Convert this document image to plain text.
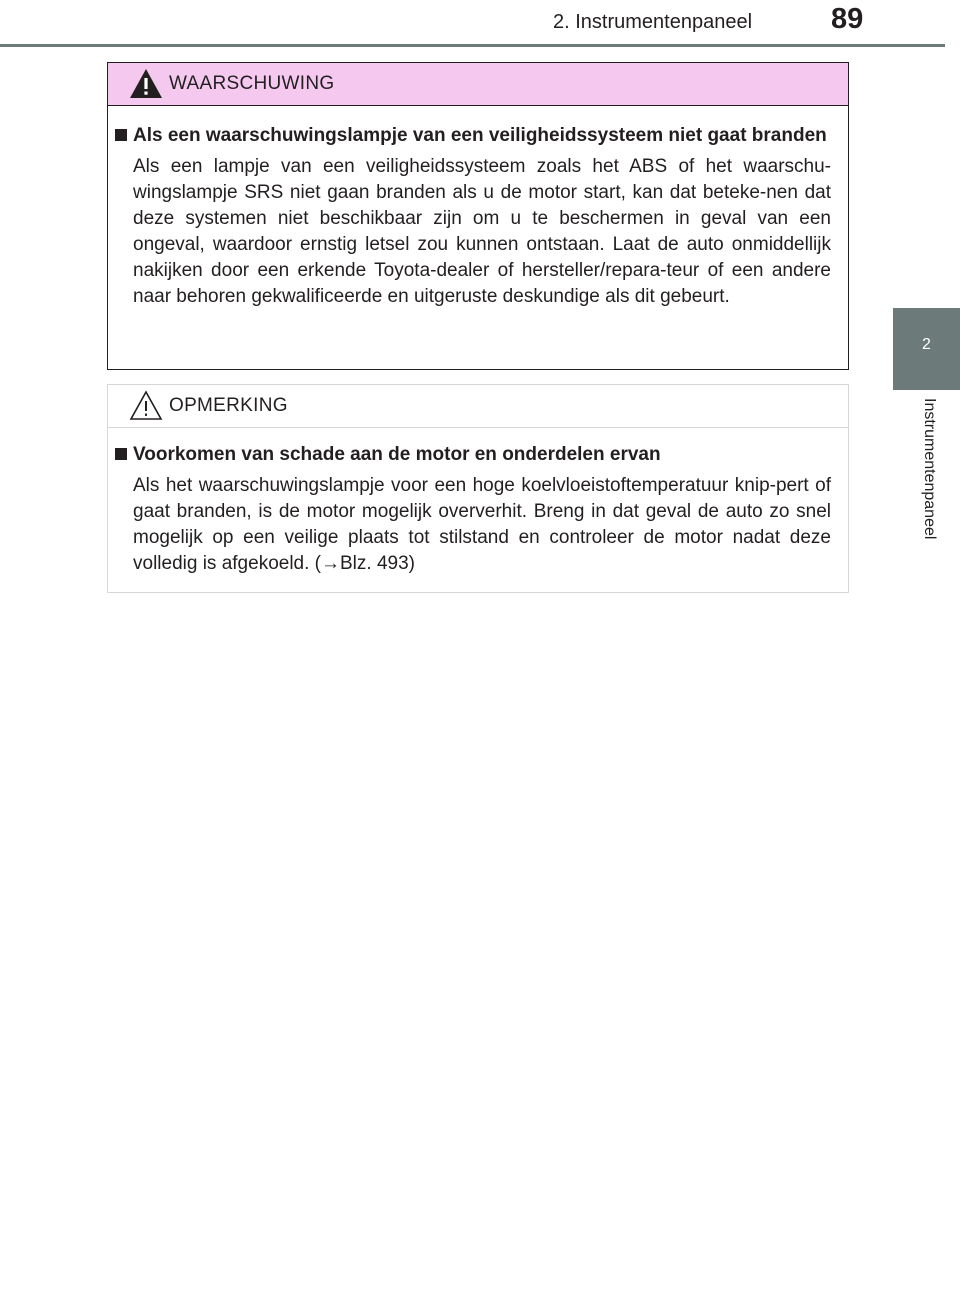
2. Instrumentenpaneel	89
2
Instrumentenpaneel
WAARSCHUWING
Als een waarschuwingslampje van een veiligheidssysteem niet gaat branden
Als een lampje van een veiligheidssysteem zoals het ABS of het waarschu-wingslampje SRS niet gaan branden als u de motor start, kan dat beteke-nen dat deze systemen niet beschikbaar zijn om u te beschermen in geval van een ongeval, waardoor ernstig letsel zou kunnen ontstaan. Laat de auto onmiddellijk nakijken door een erkende Toyota-dealer of hersteller/repara-teur of een andere naar behoren gekwalificeerde en uitgeruste deskundige als dit gebeurt.
OPMERKING
Voorkomen van schade aan de motor en onderdelen ervan
Als het waarschuwingslampje voor een hoge koelvloeistoftemperatuur knip-pert of gaat branden, is de motor mogelijk oververhit. Breng in dat geval de auto zo snel mogelijk op een veilige plaats tot stilstand en controleer de motor nadat deze volledig is afgekoeld. (→Blz. 493)
